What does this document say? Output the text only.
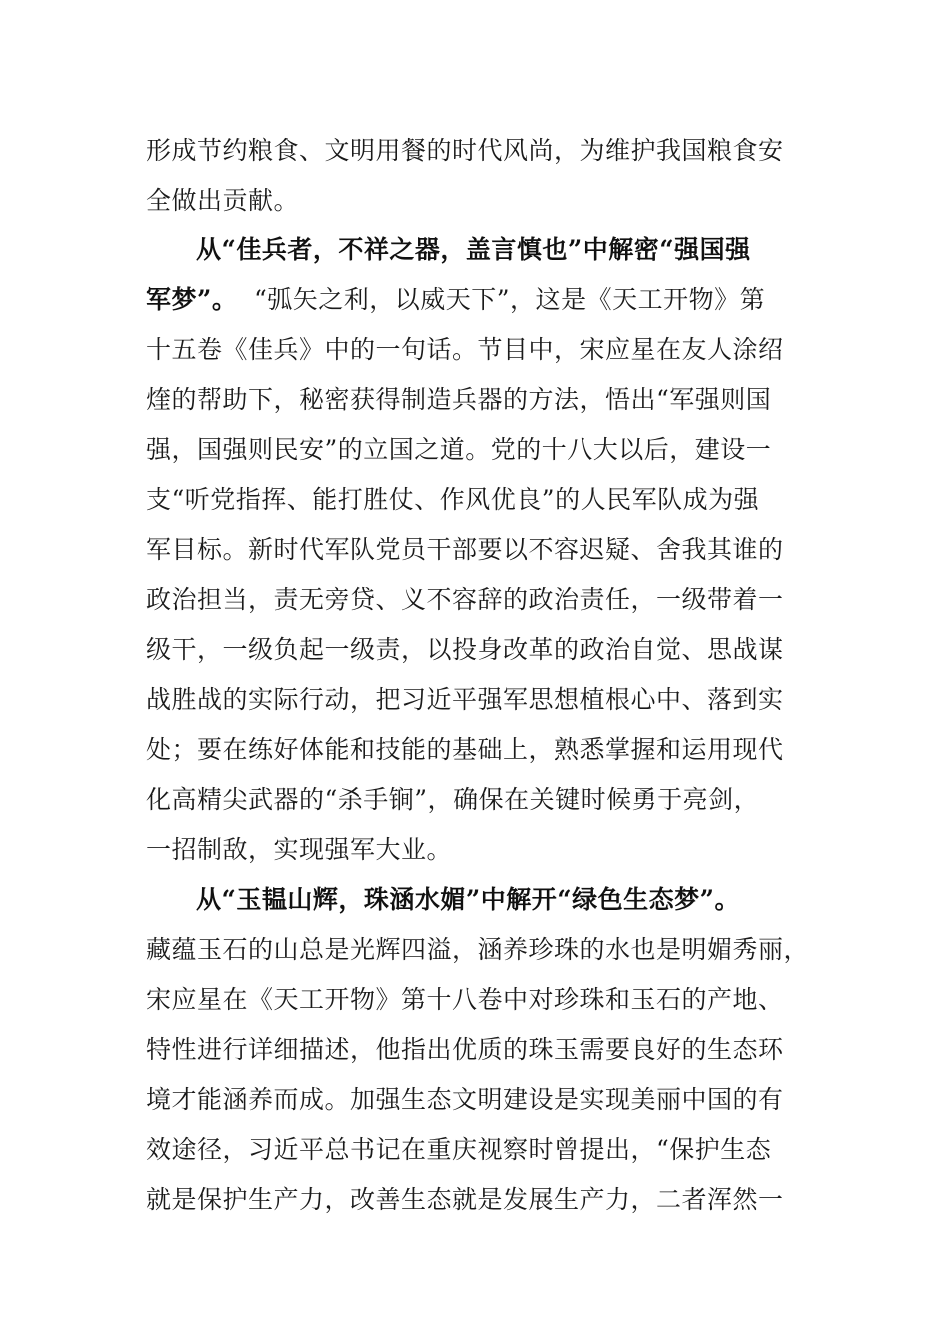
形成节约粮食、文明用餐的时代风尚，为维护我国粮食安
全做出贡献。
从“佳兵者，不祥之器，盖言慎也”中解密“强国强
军梦”。 “弧矢之利，以威天下”，这是《天工开物》第
十五卷《佳兵》中的一句话。节目中，宋应星在友人涂绍
煃的帮助下，秘密获得制造兵器的方法，悟出“军强则国
强，国强则民安”的立国之道。党的十八大以后，建设一
支“听党指挥、能打胜仗、作风优良”的人民军队成为强
军目标。新时代军队党员干部要以不容迟疑、舍我其谁的
政治担当，责无旁贷、义不容辞的政治责任，一级带着一
级干，一级负起一级责，以投身改革的政治自觉、思战谋
战胜战的实际行动，把习近平强军思想植根心中、落到实
处；要在练好体能和技能的基础上，熟悉掌握和运用现代
化高精尖武器的“杀手锏”，确保在关键时候勇于亮剑，
一招制敌，实现强军大业。
从“玉韫山辉，珠涵水媚”中解开“绿色生态梦”。
藏蕴玉石的山总是光辉四溢，涵养珍珠的水也是明媚秀丽，
宋应星在《天工开物》第十八卷中对珍珠和玉石的产地、
特性进行详细描述，他指出优质的珠玉需要良好的生态环
境才能涵养而成。加强生态文明建设是实现美丽中国的有
效途径，习近平总书记在重庆视察时曾提出，“保护生态
就是保护生产力，改善生态就是发展生产力，二者浑然一
